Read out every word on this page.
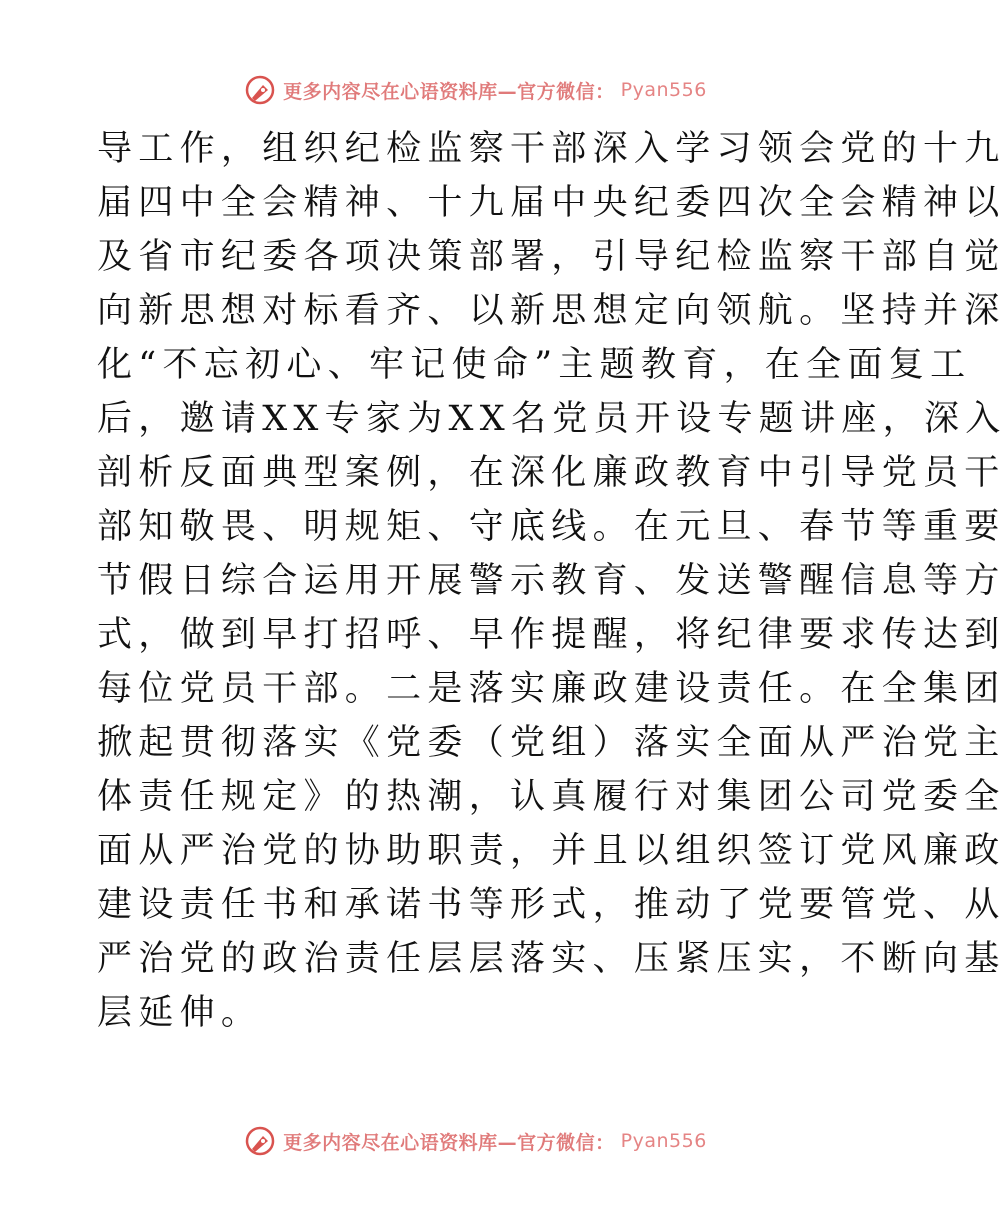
更多内容尽在心语资料库—官方微信： Pyan556
导工作，组织纪检监察干部深入学习领会党的十九
届四中全会精神、十九届中央纪委四次全会精神以
及省市纪委各项决策部署，引导纪检监察干部自觉
向新思想对标看齐、以新思想定向领航。坚持并深
化“不忘初心、牢记使命”主题教育，在全面复工
后，邀请XX专家为XX名党员开设专题讲座，深入
剖析反面典型案例，在深化廉政教育中引导党员干
部知敬畏、明规矩、守底线。在元旦、春节等重要
节假日综合运用开展警示教育、发送警醒信息等方
式，做到早打招呼、早作提醒，将纪律要求传达到
每位党员干部。二是落实廉政建设责任。在全集团
掀起贯彻落实《党委（党组）落实全面从严治党主
体责任规定》的热潮，认真履行对集团公司党委全
面从严治党的协助职责，并且以组织签订党风廉政
建设责任书和承诺书等形式，推动了党要管党、从
严治党的政治责任层层落实、压紧压实，不断向基
层延伸。
更多内容尽在心语资料库—官方微信： Pyan556
